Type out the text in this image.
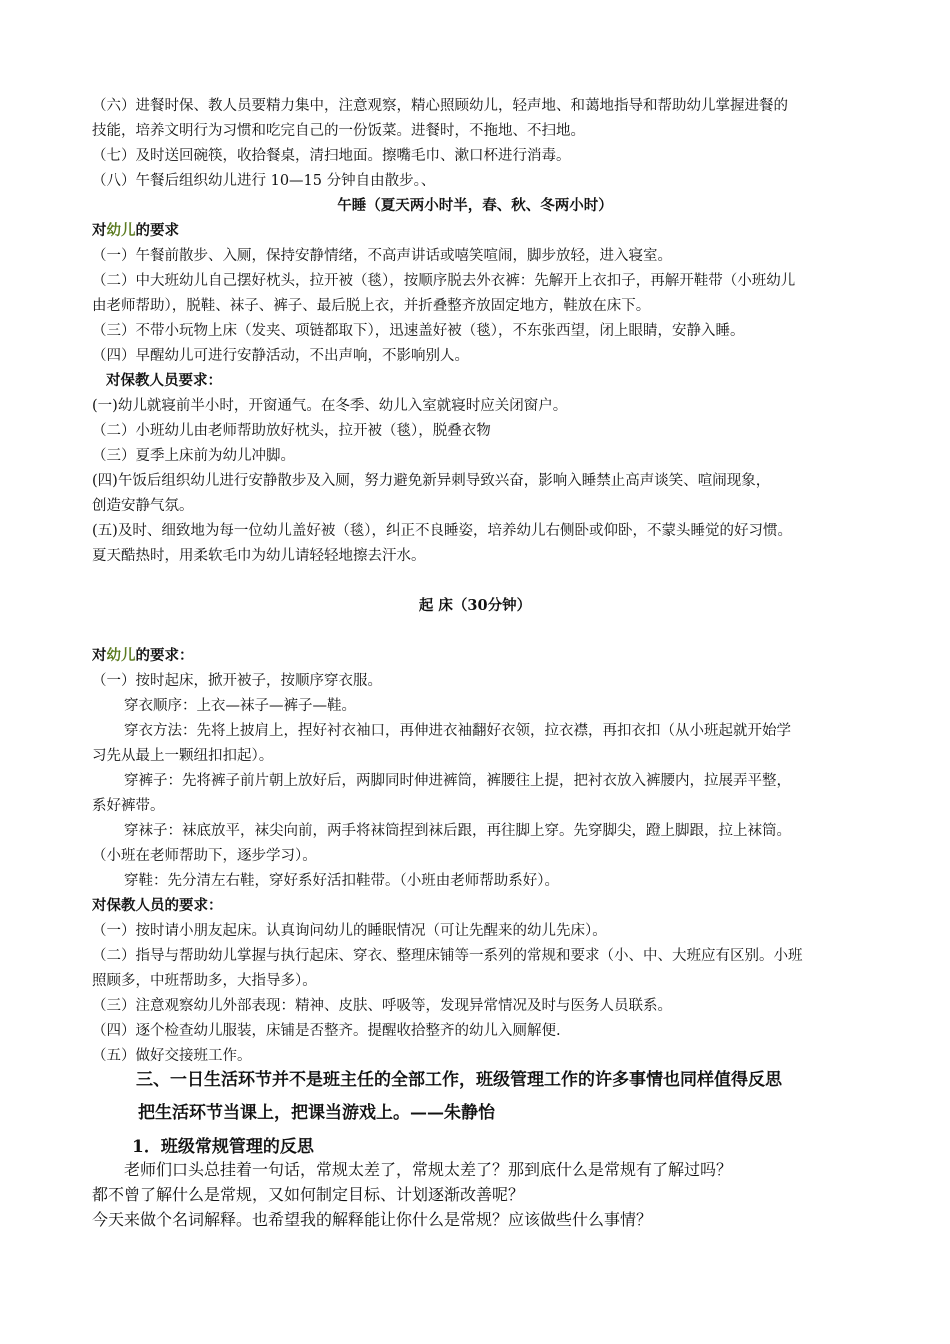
（六）进餐时保、教人员要精力集中，注意观察，精心照顾幼儿，轻声地、和蔼地指导和帮助幼儿掌握进餐的
技能，培养文明行为习惯和吃完自己的一份饭菜。进餐时，不拖地、不扫地。
（七）及时送回碗筷，收拾餐桌，清扫地面。擦嘴毛巾、漱口杯进行消毒。
（八）午餐后组织幼儿进行 10—15 分钟自由散步。、
午睡（夏天两小时半，春、秋、冬两小时）
对幼儿的要求
（一）午餐前散步、入厕，保持安静情绪，不高声讲话或嘻笑喧闹，脚步放轻，进入寝室。
（二）中大班幼儿自己摆好枕头，拉开被（毯），按顺序脱去外衣裤：先解开上衣扣子，再解开鞋带（小班幼儿
由老师帮助），脱鞋、袜子、裤子、最后脱上衣，并折叠整齐放固定地方，鞋放在床下。
（三）不带小玩物上床（发夹、项链都取下），迅速盖好被（毯），不东张西望，闭上眼睛，安静入睡。
（四）早醒幼儿可进行安静活动，不出声响，不影响别人。
对保教人员要求：
(一)幼儿就寝前半小时，开窗通气。在冬季、幼儿入室就寝时应关闭窗户。
（二）小班幼儿由老师帮助放好枕头，拉开被（毯），脱叠衣物
（三）夏季上床前为幼儿冲脚。
(四)午饭后组织幼儿进行安静散步及入厕，努力避免新异刺导致兴奋，影响入睡禁止高声谈笑、喧闹现象，
创造安静气氛。
(五)及时、细致地为每一位幼儿盖好被（毯），纠正不良睡姿，培养幼儿右侧卧或仰卧，不蒙头睡觉的好习惯。
夏天酷热时，用柔软毛巾为幼儿请轻轻地擦去汗水。
起 床（30分钟）
对幼儿的要求：
（一）按时起床，掀开被子，按顺序穿衣服。
穿衣顺序：上衣—袜子—裤子—鞋。
穿衣方法：先将上披肩上，捏好衬衣袖口，再伸进衣袖翻好衣领，拉衣襟，再扣衣扣（从小班起就开始学
习先从最上一颗纽扣扣起）。
穿裤子：先将裤子前片朝上放好后，两脚同时伸进裤筒，裤腰往上提，把衬衣放入裤腰内，拉展弄平整，
系好裤带。
穿袜子：袜底放平，袜尖向前，两手将袜筒捏到袜后跟，再往脚上穿。先穿脚尖，蹬上脚跟，拉上袜筒。
（小班在老师帮助下，逐步学习）。
穿鞋：先分清左右鞋，穿好系好活扣鞋带。（小班由老师帮助系好）。
对保教人员的要求：
（一）按时请小朋友起床。认真询问幼儿的睡眠情况（可让先醒来的幼儿先床）。
（二）指导与帮助幼儿掌握与执行起床、穿衣、整理床铺等一系列的常规和要求（小、中、大班应有区别。小班
照顾多，中班帮助多，大指导多）。
（三）注意观察幼儿外部表现：精神、皮肤、呼吸等，发现异常情况及时与医务人员联系。
（四）逐个检查幼儿服装，床铺是否整齐。提醒收拾整齐的幼儿入厕解便.
（五）做好交接班工作。
三、一日生活环节并不是班主任的全部工作，班级管理工作的许多事情也同样值得反思
把生活环节当课上，把课当游戏上。——朱静怡
1．班级常规管理的反思
老师们口头总挂着一句话，常规太差了，常规太差了？那到底什么是常规有了解过吗？
都不曾了解什么是常规，又如何制定目标、计划逐渐改善呢？
今天来做个名词解释。也希望我的解释能让你什么是常规？应该做些什么事情？
